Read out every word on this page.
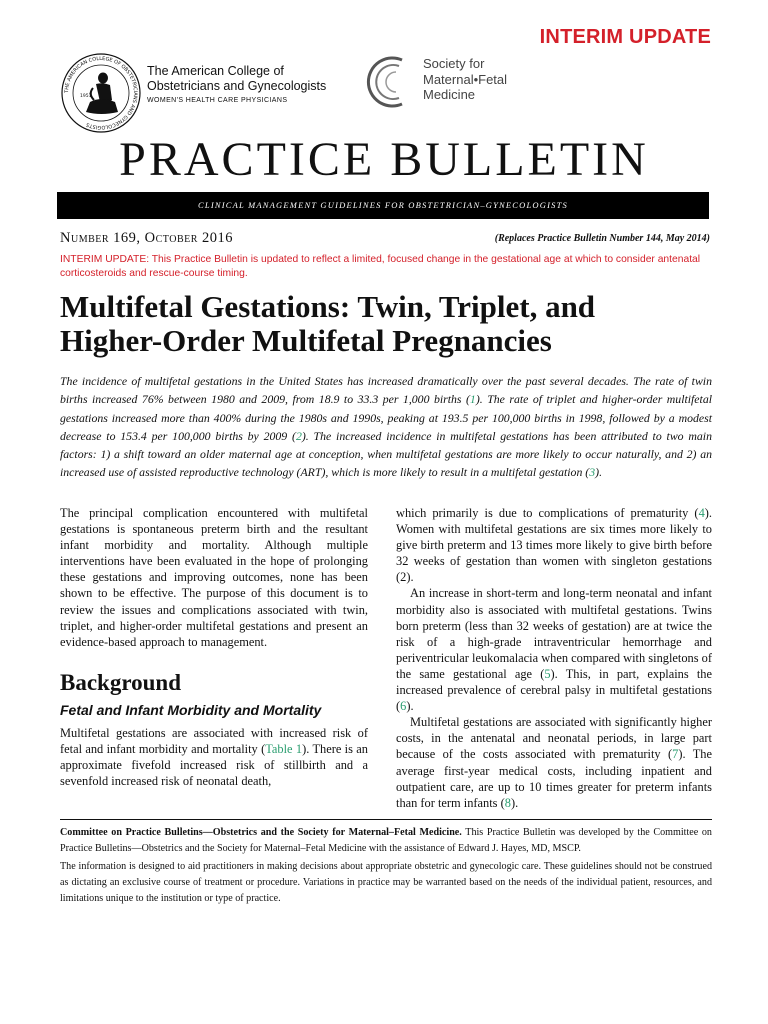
INTERIM UPDATE
THE AMERICAN COLLEGE OF OBSTETRICIANS AND GYNECOLOGISTS
1951
The American College of
Obstetricians and Gynecologists
WOMEN'S HEALTH CARE PHYSICIANS
Society for
Maternal•Fetal
Medicine
PRACTICE BULLETIN
CLINICAL MANAGEMENT GUIDELINES FOR OBSTETRICIAN–GYNECOLOGISTS
Number 169, October 2016	(Replaces Practice Bulletin Number 144, May 2014)
INTERIM UPDATE: This Practice Bulletin is updated to reflect a limited, focused change in the gestational age at which to consider antenatal corticosteroids and rescue-course timing.
Multifetal Gestations: Twin, Triplet, and
Higher-Order Multifetal Pregnancies
The incidence of multifetal gestations in the United States has increased dramatically over the past several decades. The rate of twin births increased 76% between 1980 and 2009, from 18.9 to 33.3 per 1,000 births (1). The rate of triplet and higher-order multifetal gestations increased more than 400% during the 1980s and 1990s, peaking at 193.5 per 100,000 births in 1998, followed by a modest decrease to 153.4 per 100,000 births by 2009 (2). The increased incidence in multifetal gestations has been attributed to two main factors: 1) a shift toward an older maternal age at conception, when multifetal gestations are more likely to occur naturally, and 2) an increased use of assisted reproductive technology (ART), which is more likely to result in a multifetal gestation (3).

The principal complication encountered with multifetal gestations is spontaneous preterm birth and the resultant infant morbidity and mortality. Although multiple interventions have been evaluated in the hope of prolonging these gestations and improving outcomes, none has been shown to be effective. The purpose of this document is to review the issues and complications associated with twin, triplet, and higher-order multifetal gestations and present an evidence-based approach to management.

Background

Fetal and Infant Morbidity and Mortality

Multifetal gestations are associated with increased risk of fetal and infant morbidity and mortality (Table 1). There is an approximate fivefold increased risk of stillbirth and a sevenfold increased risk of neonatal death,

which primarily is due to complications of prematurity (4). Women with multifetal gestations are six times more likely to give birth preterm and 13 times more likely to give birth before 32 weeks of gestation than women with singleton gestations (2).

An increase in short-term and long-term neonatal and infant morbidity also is associated with multifetal gestations. Twins born preterm (less than 32 weeks of gestation) are at twice the risk of a high-grade intraventricular hemorrhage and periventricular leukomalacia when compared with singletons of the same gestational age (5). This, in part, explains the increased prevalence of cerebral palsy in multifetal gestations (6).

Multifetal gestations are associated with significantly higher costs, in the antenatal and neonatal periods, in large part because of the costs associated with prematurity (7). The average first-year medical costs, including inpatient and outpatient care, are up to 10 times greater for preterm infants than for term infants (8).

Committee on Practice Bulletins—Obstetrics and the Society for Maternal–Fetal Medicine. This Practice Bulletin was developed by the Committee on Practice Bulletins—Obstetrics and the Society for Maternal–Fetal Medicine with the assistance of Edward J. Hayes, MD, MSCP.

The information is designed to aid practitioners in making decisions about appropriate obstetric and gynecologic care. These guidelines should not be construed as dictating an exclusive course of treatment or procedure. Variations in practice may be warranted based on the needs of the individual patient, resources, and limitations unique to the institution or type of practice.
